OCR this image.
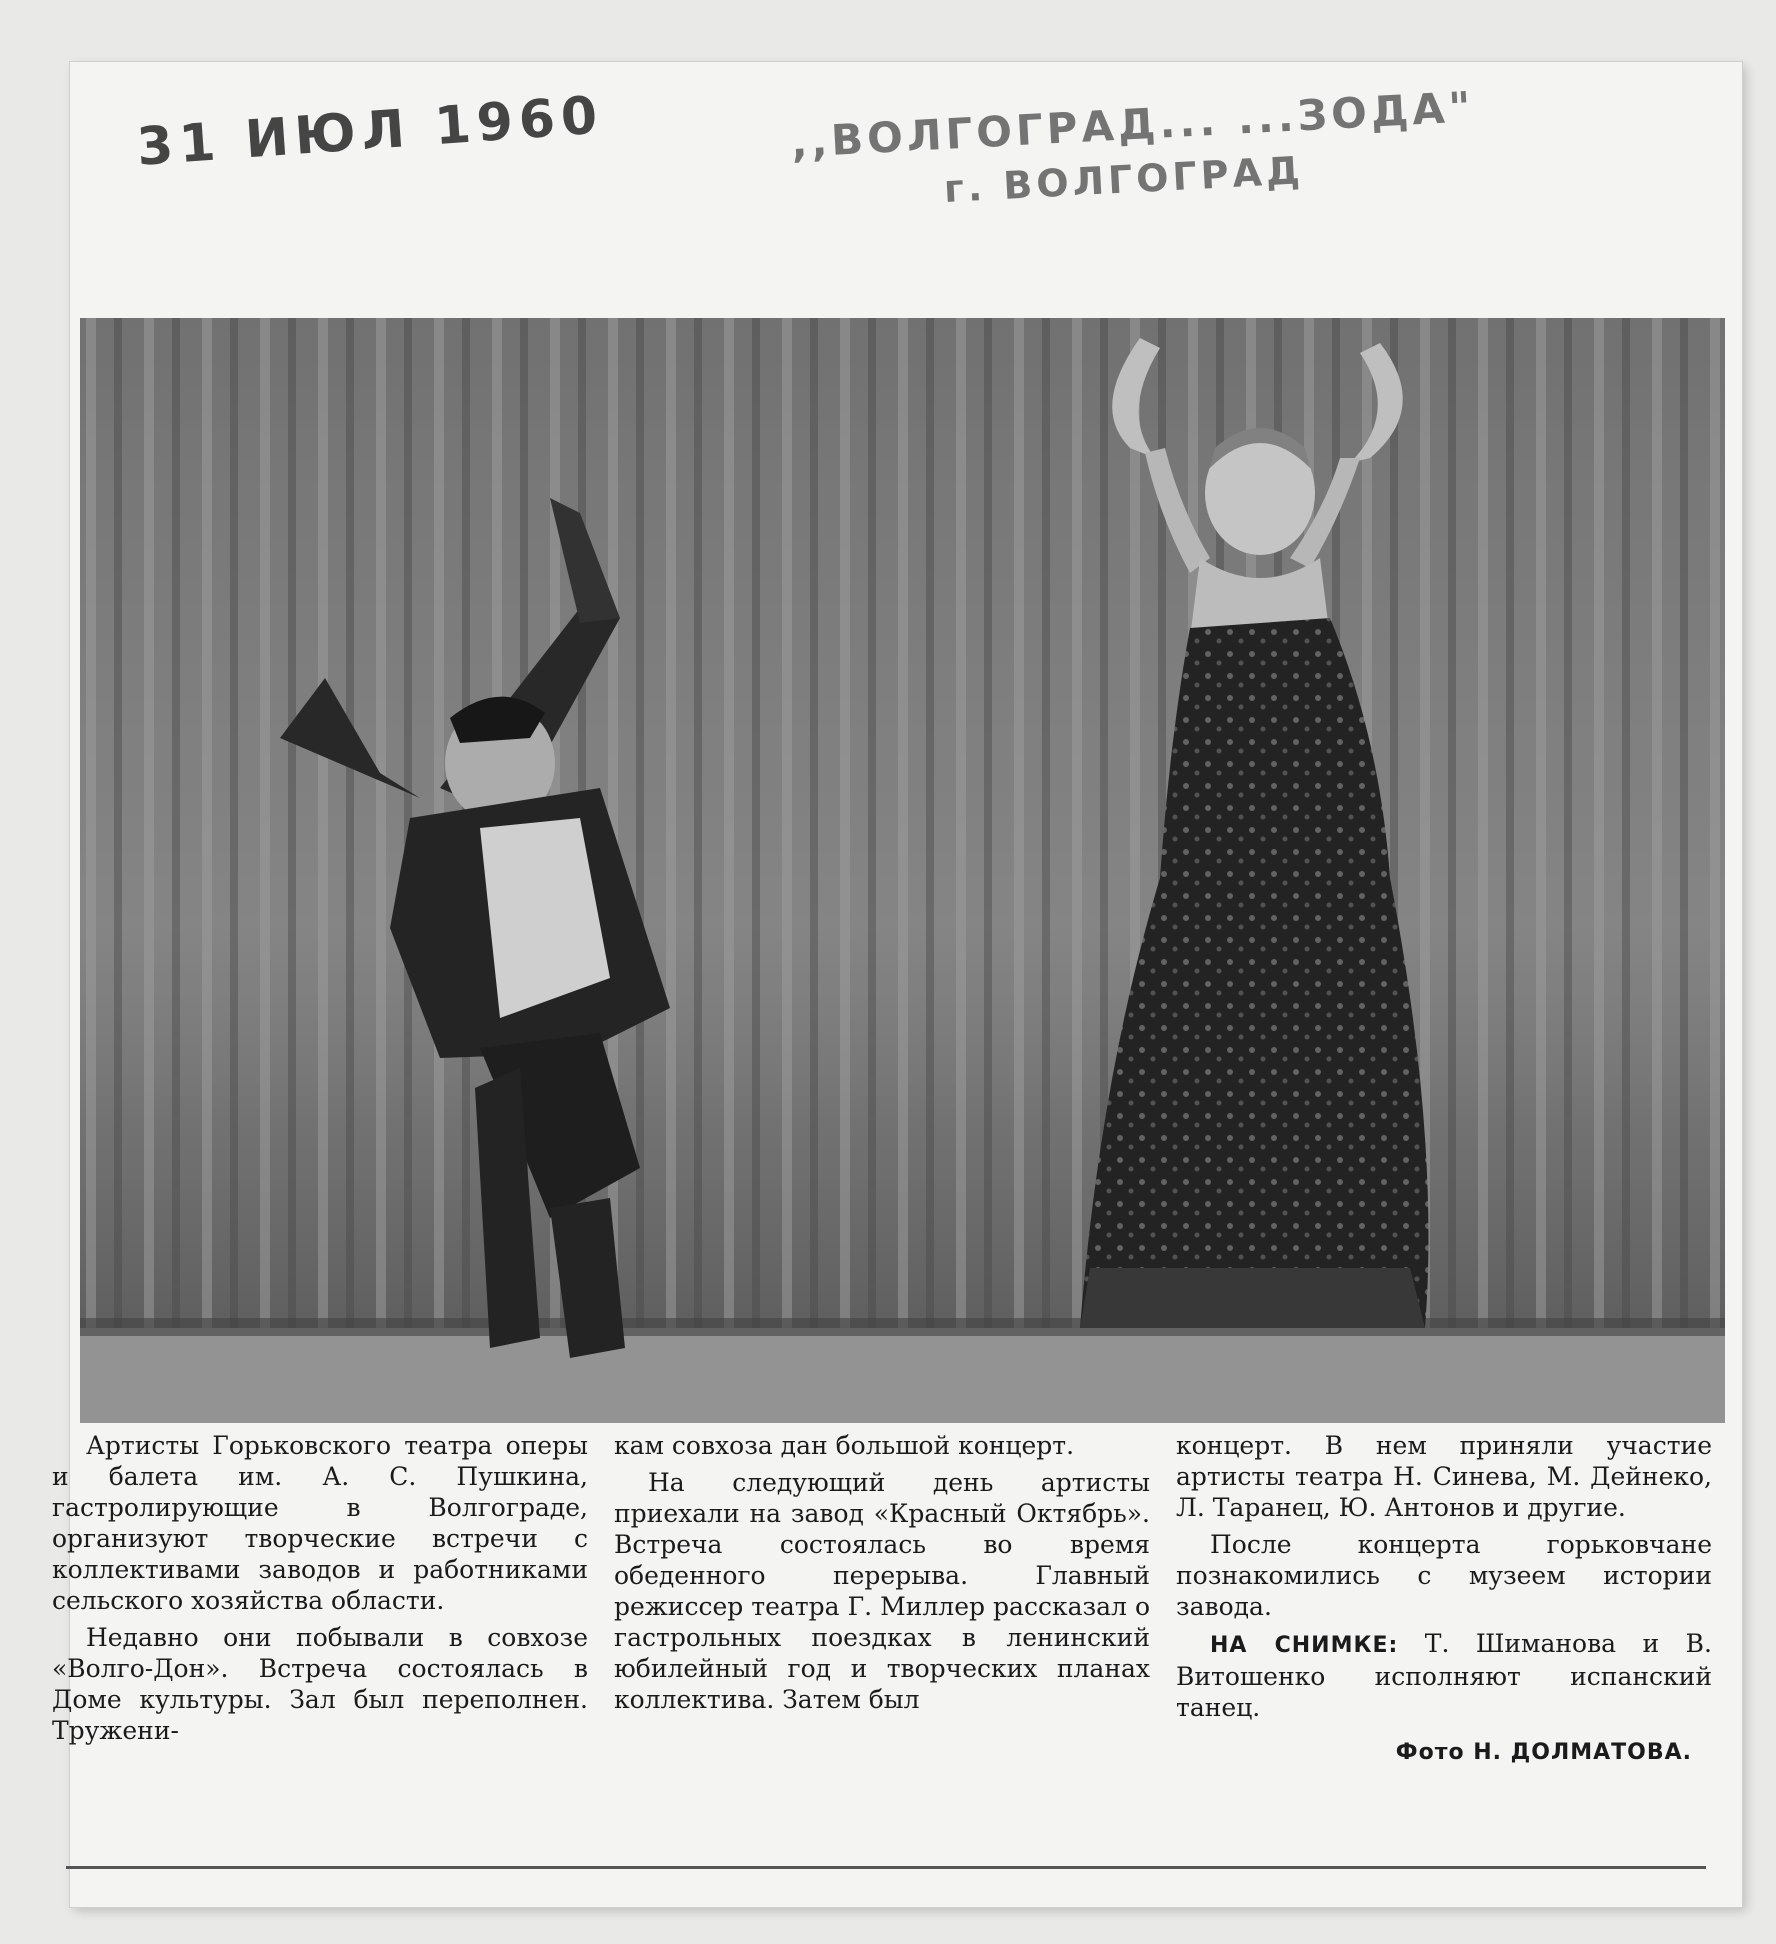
31 ИЮЛ 1960	,,ВОЛГОГРАД... ...ЗОДА"
г. ВОЛГОГРАД

Артисты Горьковского театра оперы и балета им. А. С. Пушкина, гастролирующие в Волгограде, организуют творческие встречи с коллективами заводов и работниками сельского хозяйства области.

Недавно они побывали в совхозе «Волго-Дон». Встреча состоялась в Доме культуры. Зал был переполнен. Тружени-

кам совхоза дан большой концерт.

На следующий день артисты приехали на завод «Красный Октябрь». Встреча состоялась во время обеденного перерыва. Главный режиссер театра Г. Миллер рассказал о гастрольных поездках в ленинский юбилейный год и творческих планах коллектива. Затем был

концерт. В нем приняли участие артисты театра Н. Синева, М. Дейнеко, Л. Таранец, Ю. Антонов и другие.

После концерта горьковчане познакомились с музеем истории завода.

НА СНИМКЕ: Т. Шиманова и В. Витошенко исполняют испанский танец.

Фото Н. ДОЛМАТОВА.
